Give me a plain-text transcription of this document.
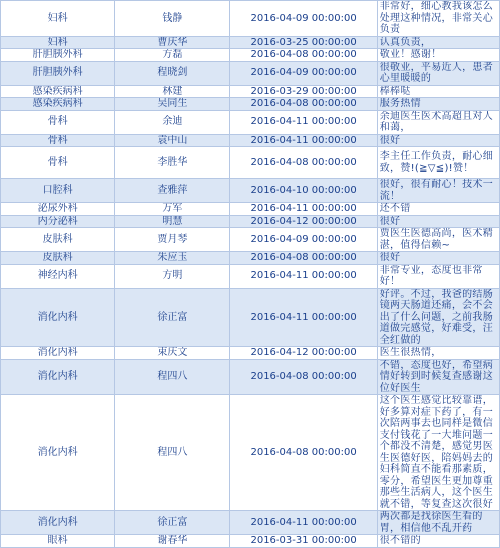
妇科	钱静	2016-04-09 00:00:00	非常好，细心教我该怎么处理这种情况，非常关心负责
妇科	曹庆华	2016-03-25 00:00:00	认真负责，
肝胆胰外科	方磊	2016-04-08 00:00:00	敬业！感谢！
肝胆胰外科	程晓剑	2016-04-09 00:00:00	很敬业，平易近人，患者心里暖暖的
感染疾病科	林建	2016-03-29 00:00:00	棒棒哒
感染疾病科	吴同生	2016-04-08 00:00:00	服务热情
骨科	余迪	2016-04-11 00:00:00	余迪医生医术高超且对人和蔼，
骨科	袁中山	2016-04-11 00:00:00	很好
骨科	李胜华	2016-04-08 00:00:00	李主任工作负责，耐心细致，赞!(≧▽≦)!赞！
口腔科	查雅萍	2016-04-10 00:00:00	很好，很有耐心！技术一流！
泌尿外科	万军	2016-04-11 00:00:00	还不错
内分泌科	明慧	2016-04-12 00:00:00	很好
皮肤科	贾月琴	2016-04-09 00:00:00	贾医生医德高尚，医术精湛，值得信赖~
皮肤科	朱应玉	2016-04-08 00:00:00	很好
神经内科	方明	2016-04-11 00:00:00	非常专业，态度也非常好！
消化内科	徐正富	2016-04-11 00:00:00	好评。不过，我爸的结肠镜两天肠道还痛，会不会出了什么问题，之前我肠道做完感觉，好难受，汪全红做的
消化内科	束庆文	2016-04-12 00:00:00	医生很热情，
消化内科	程四八	2016-04-08 00:00:00	不错，态度也好，希望病情好转到时候复查感谢这位好医生
消化内科	程四八	2016-04-08 00:00:00	这个医生感觉比较靠谱，好多算对症下药了，有一次陪两事去也同样是微信支付钱花了一大堆问题一个都没不清楚，感觉男医生医德好医，陪妈妈去的妇科简直不能看那素质，零分，希望医生更加尊重那些生活病人，这个医生就不错，等复查这次很好
消化内科	徐正富	2016-04-11 00:00:00	两次都是找徐医生看的胃，相信他不乱开药
眼科	谢春华	2016-03-31 00:00:00	很不错的
